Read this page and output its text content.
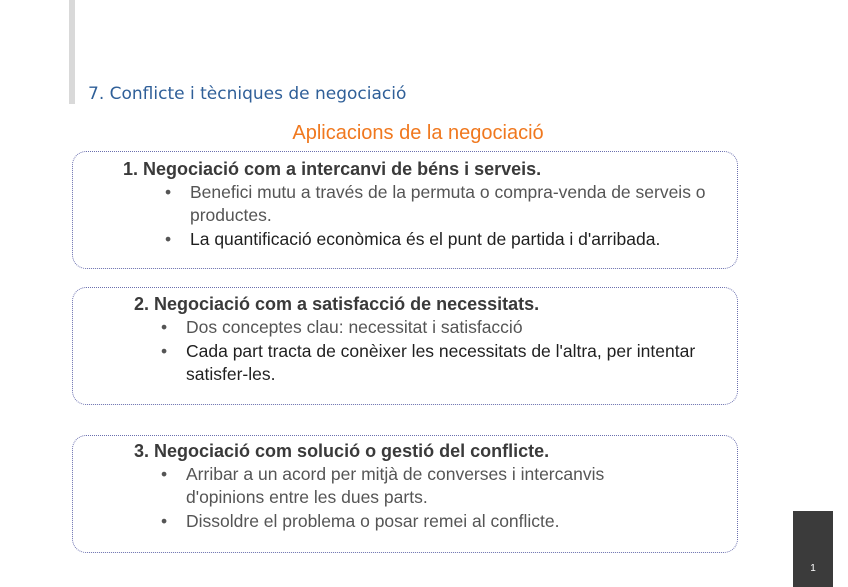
7. Conflicte i tècniques de negociació
Aplicacions de la negociació
1. Negociació com a intercanvi de béns i serveis.
• Benefici mutu a través de la permuta o compra-venda de serveis o productes.
• La quantificació econòmica és el punt de partida i d'arribada.
2. Negociació com a satisfacció de necessitats.
• Dos conceptes clau: necessitat i satisfacció
• Cada part tracta de conèixer les necessitats de l'altra, per intentar satisfer-les.
3. Negociació com solució o gestió del conflicte.
• Arribar a un acord per mitjà de converses i intercanvis d'opinions entre les dues parts.
• Dissoldre el problema o posar remei al conflicte.
1
